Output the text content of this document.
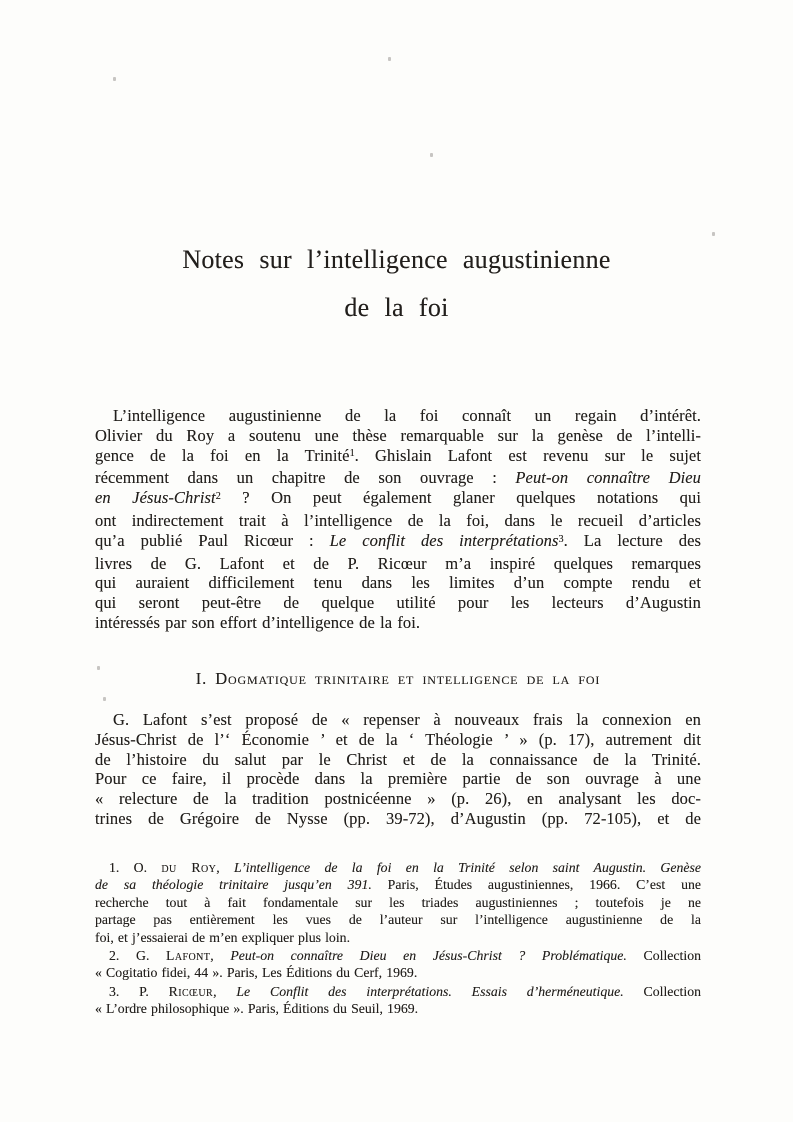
Notes sur l’intelligence augustinienne
de la foi
L’intelligence augustinienne de la foi connaît un regain d’intérêt.
Olivier du Roy a soutenu une thèse remarquable sur la genèse de l’intelli-
gence de la foi en la Trinité$^1$. Ghislain Lafont est revenu sur le sujet
récemment dans un chapitre de son ouvrage : Peut-on connaître Dieu
en Jésus-Christ$^2$ ? On peut également glaner quelques notations qui
ont indirectement trait à l’intelligence de la foi, dans le recueil d’articles
qu’a publié Paul Ricœur : Le conflit des interprétations$^3$. La lecture des
livres de G. Lafont et de P. Ricœur m’a inspiré quelques remarques
qui auraient difficilement tenu dans les limites d’un compte rendu et
qui seront peut-être de quelque utilité pour les lecteurs d’Augustin
intéressés par son effort d’intelligence de la foi.
I. Dogmatique trinitaire et intelligence de la foi
G. Lafont s’est proposé de « repenser à nouveaux frais la connexion en
Jésus-Christ de l’‘ Économie ’ et de la ‘ Théologie ’ » (p. 17), autrement dit
de l’histoire du salut par le Christ et de la connaissance de la Trinité.
Pour ce faire, il procède dans la première partie de son ouvrage à une
« relecture de la tradition postnicéenne » (p. 26), en analysant les doc-
trines de Grégoire de Nysse (pp. 39-72), d’Augustin (pp. 72-105), et de
1. O. du Roy, L’intelligence de la foi en la Trinité selon saint Augustin. Genèse
de sa théologie trinitaire jusqu’en 391. Paris, Études augustiniennes, 1966. C’est une
recherche tout à fait fondamentale sur les triades augustiniennes ; toutefois je ne
partage pas entièrement les vues de l’auteur sur l’intelligence augustinienne de la
foi, et j’essaierai de m’en expliquer plus loin.
2. G. Lafont, Peut-on connaître Dieu en Jésus-Christ ? Problématique. Collection
« Cogitatio fidei, 44 ». Paris, Les Éditions du Cerf, 1969.
3. P. Ricœur, Le Conflit des interprétations. Essais d’herméneutique. Collection
« L’ordre philosophique ». Paris, Éditions du Seuil, 1969.
